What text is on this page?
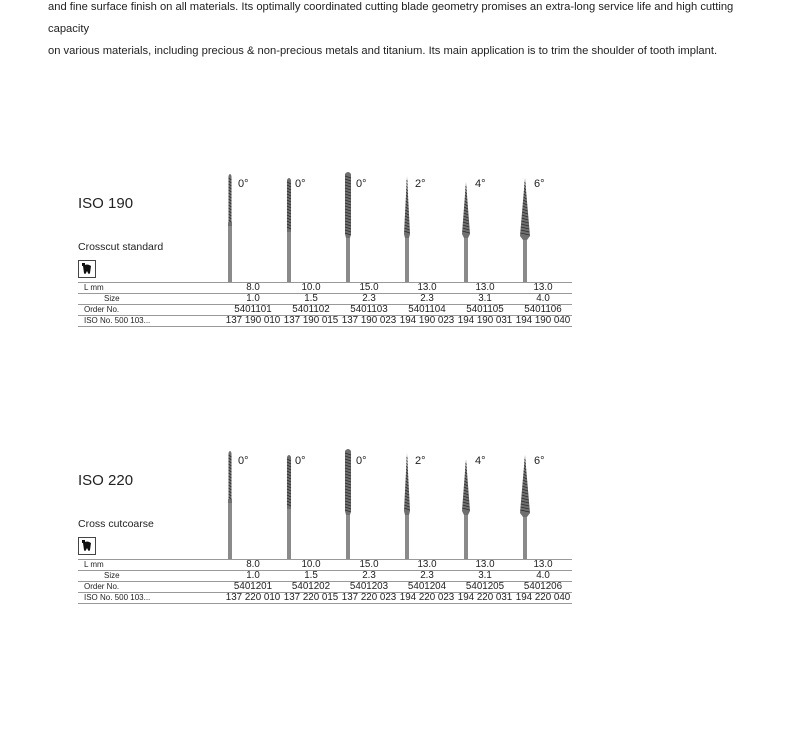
and fine surface finish on all materials. Its optimally coordinated cutting blade geometry promises an extra-long service life and high cutting capacity
on various materials, including precious & non-precious metals and titanium. Its main application is to trim the shoulder of tooth implant.
ISO 190
Crosscut standard
0°	0°	0°	2°	4°	6°
L mm	8.0	10.0	15.0	13.0	13.0	13.0
Size	1.0	1.5	2.3	2.3	3.1	4.0
Order No.	5401101	5401102	5401103	5401104	5401105	5401106
ISO No. 500 103...	137 190 010	137 190 015	137 190 023	194 190 023	194 190 031	194 190 040
ISO 220
Cross cutcoarse
0°	0°	0°	2°	4°	6°
L mm	8.0	10.0	15.0	13.0	13.0	13.0
Size	1.0	1.5	2.3	2.3	3.1	4.0
Order No.	5401201	5401202	5401203	5401204	5401205	5401206
ISO No. 500 103...	137 220 010	137 220 015	137 220 023	194 220 023	194 220 031	194 220 040
